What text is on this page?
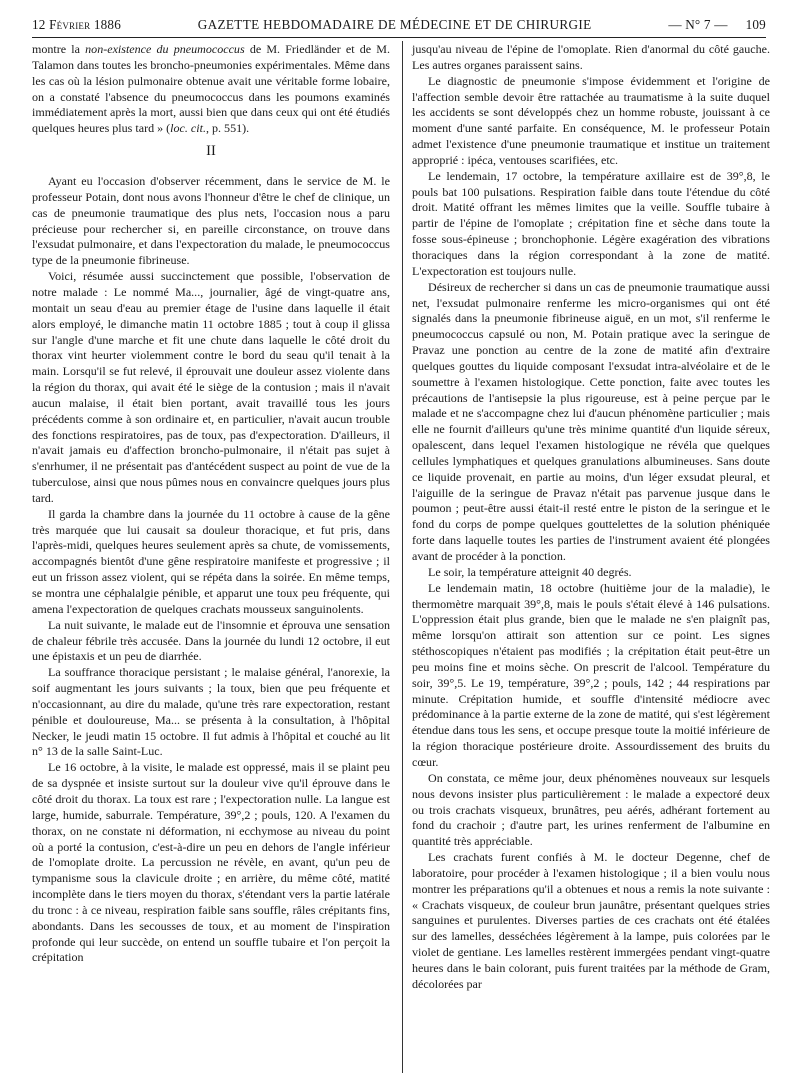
12 Février 1886	GAZETTE HEBDOMADAIRE DE MÉDECINE ET DE CHIRURGIE	— N° 7 — 109

montre la non-existence du pneumococcus de M. Friedländer et de M. Talamon dans toutes les broncho-pneumonies expérimentales. Même dans les cas où la lésion pulmonaire obtenue avait une véritable forme lobaire, on a constaté l'absence du pneumococcus dans les poumons examinés immédiatement après la mort, aussi bien que dans ceux qui ont été étudiés quelques heures plus tard » (loc. cit., p. 551).

II

Ayant eu l'occasion d'observer récemment, dans le service de M. le professeur Potain, dont nous avons l'honneur d'être le chef de clinique, un cas de pneumonie traumatique des plus nets, l'occasion nous a paru précieuse pour rechercher si, en pareille circonstance, on trouve dans l'exsudat pulmonaire, et dans l'expectoration du malade, le pneumococcus type de la pneumonie fibrineuse.

Voici, résumée aussi succinctement que possible, l'observation de notre malade : Le nommé Ma..., journalier, âgé de vingt-quatre ans, montait un seau d'eau au premier étage de l'usine dans laquelle il était alors employé, le dimanche matin 11 octobre 1885 ; tout à coup il glissa sur l'angle d'une marche et fit une chute dans laquelle le côté droit du thorax vint heurter violemment contre le bord du seau qu'il tenait à la main. Lorsqu'il se fut relevé, il éprouvait une douleur assez violente dans la région du thorax, qui avait été le siège de la contusion ; mais il n'avait aucun malaise, il était bien portant, avait travaillé tous les jours précédents comme à son ordinaire et, en particulier, n'avait aucun trouble des fonctions respiratoires, pas de toux, pas d'expectoration. D'ailleurs, il n'avait jamais eu d'affection broncho-pulmonaire, il n'était pas sujet à s'enrhumer, il ne présentait pas d'antécédent suspect au point de vue de la tuberculose, ainsi que nous pûmes nous en convaincre quelques jours plus tard.

Il garda la chambre dans la journée du 11 octobre à cause de la gêne très marquée que lui causait sa douleur thoracique, et fut pris, dans l'après-midi, quelques heures seulement après sa chute, de vomissements, accompagnés bientôt d'une gêne respiratoire manifeste et progressive ; il eut un frisson assez violent, qui se répéta dans la soirée. En même temps, se montra une céphalalgie pénible, et apparut une toux peu fréquente, qui amena l'expectoration de quelques crachats mousseux sanguinolents.

La nuit suivante, le malade eut de l'insomnie et éprouva une sensation de chaleur fébrile très accusée. Dans la journée du lundi 12 octobre, il eut une épistaxis et un peu de diarrhée.

La souffrance thoracique persistant ; le malaise général, l'anorexie, la soif augmentant les jours suivants ; la toux, bien que peu fréquente et n'occasionnant, au dire du malade, qu'une très rare expectoration, restant pénible et douloureuse, Ma... se présenta à la consultation, à l'hôpital Necker, le jeudi matin 15 octobre. Il fut admis à l'hôpital et couché au lit n° 13 de la salle Saint-Luc.

Le 16 octobre, à la visite, le malade est oppressé, mais il se plaint peu de sa dyspnée et insiste surtout sur la douleur vive qu'il éprouve dans le côté droit du thorax. La toux est rare ; l'expectoration nulle. La langue est large, humide, saburrale. Température, 39°,2 ; pouls, 120. A l'examen du thorax, on ne constate ni déformation, ni ecchymose au niveau du point où a porté la contusion, c'est-à-dire un peu en dehors de l'angle inférieur de l'omoplate droite. La percussion ne révèle, en avant, qu'un peu de tympanisme sous la clavicule droite ; en arrière, du même côté, matité incomplète dans le tiers moyen du thorax, s'étendant vers la partie latérale du tronc : à ce niveau, respiration faible sans souffle, râles crépitants fins, abondants. Dans les secousses de toux, et au moment de l'inspiration profonde qui leur succède, on entend un souffle tubaire et l'on perçoit la crépitation

jusqu'au niveau de l'épine de l'omoplate. Rien d'anormal du côté gauche. Les autres organes paraissent sains.

Le diagnostic de pneumonie s'impose évidemment et l'origine de l'affection semble devoir être rattachée au traumatisme à la suite duquel les accidents se sont développés chez un homme robuste, jouissant à ce moment d'une santé parfaite. En conséquence, M. le professeur Potain admet l'existence d'une pneumonie traumatique et institue un traitement approprié : ipéca, ventouses scarifiées, etc.

Le lendemain, 17 octobre, la température axillaire est de 39°,8, le pouls bat 100 pulsations. Respiration faible dans toute l'étendue du côté droit. Matité offrant les mêmes limites que la veille. Souffle tubaire à partir de l'épine de l'omoplate ; crépitation fine et sèche dans toute la fosse sous-épineuse ; bronchophonie. Légère exagération des vibrations thoraciques dans la région correspondant à la zone de matité. L'expectoration est toujours nulle.

Désireux de rechercher si dans un cas de pneumonie traumatique aussi net, l'exsudat pulmonaire renferme les micro-organismes qui ont été signalés dans la pneumonie fibrineuse aiguë, en un mot, s'il renferme le pneumococcus capsulé ou non, M. Potain pratique avec la seringue de Pravaz une ponction au centre de la zone de matité afin d'extraire quelques gouttes du liquide composant l'exsudat intra-alvéolaire et de le soumettre à l'examen histologique. Cette ponction, faite avec toutes les précautions de l'antisepsie la plus rigoureuse, est à peine perçue par le malade et ne s'accompagne chez lui d'aucun phénomène particulier ; mais elle ne fournit d'ailleurs qu'une très minime quantité d'un liquide séreux, opalescent, dans lequel l'examen histologique ne révéla que quelques cellules lymphatiques et quelques granulations albumineuses. Sans doute ce liquide provenait, en partie au moins, d'un léger exsudat pleural, et l'aiguille de la seringue de Pravaz n'était pas parvenue jusque dans le poumon ; peut-être aussi était-il resté entre le piston de la seringue et le fond du corps de pompe quelques gouttelettes de la solution phéniquée forte dans laquelle toutes les parties de l'instrument avaient été plongées avant de procéder à la ponction.

Le soir, la température atteignit 40 degrés.

Le lendemain matin, 18 octobre (huitième jour de la maladie), le thermomètre marquait 39°,8, mais le pouls s'était élevé à 146 pulsations. L'oppression était plus grande, bien que le malade ne s'en plaignît pas, même lorsqu'on attirait son attention sur ce point. Les signes stéthoscopiques n'étaient pas modifiés ; la crépitation était peut-être un peu moins fine et moins sèche. On prescrit de l'alcool. Température du soir, 39°,5. Le 19, température, 39°,2 ; pouls, 142 ; 44 respirations par minute. Crépitation humide, et souffle d'intensité médiocre avec prédominance à la partie externe de la zone de matité, qui s'est légèrement étendue dans tous les sens, et occupe presque toute la moitié inférieure de la région thoracique postérieure droite. Assourdissement des bruits du cœur.

On constata, ce même jour, deux phénomènes nouveaux sur lesquels nous devons insister plus particulièrement : le malade a expectoré deux ou trois crachats visqueux, brunâtres, peu aérés, adhérant fortement au fond du crachoir ; d'autre part, les urines renferment de l'albumine en quantité très appréciable.

Les crachats furent confiés à M. le docteur Degenne, chef de laboratoire, pour procéder à l'examen histologique ; il a bien voulu nous montrer les préparations qu'il a obtenues et nous a remis la note suivante : « Crachats visqueux, de couleur brun jaunâtre, présentant quelques stries sanguines et purulentes. Diverses parties de ces crachats ont été étalées sur des lamelles, desséchées légèrement à la lampe, puis colorées par le violet de gentiane. Les lamelles restèrent immergées pendant vingt-quatre heures dans le bain colorant, puis furent traitées par la méthode de Gram, décolorées par
